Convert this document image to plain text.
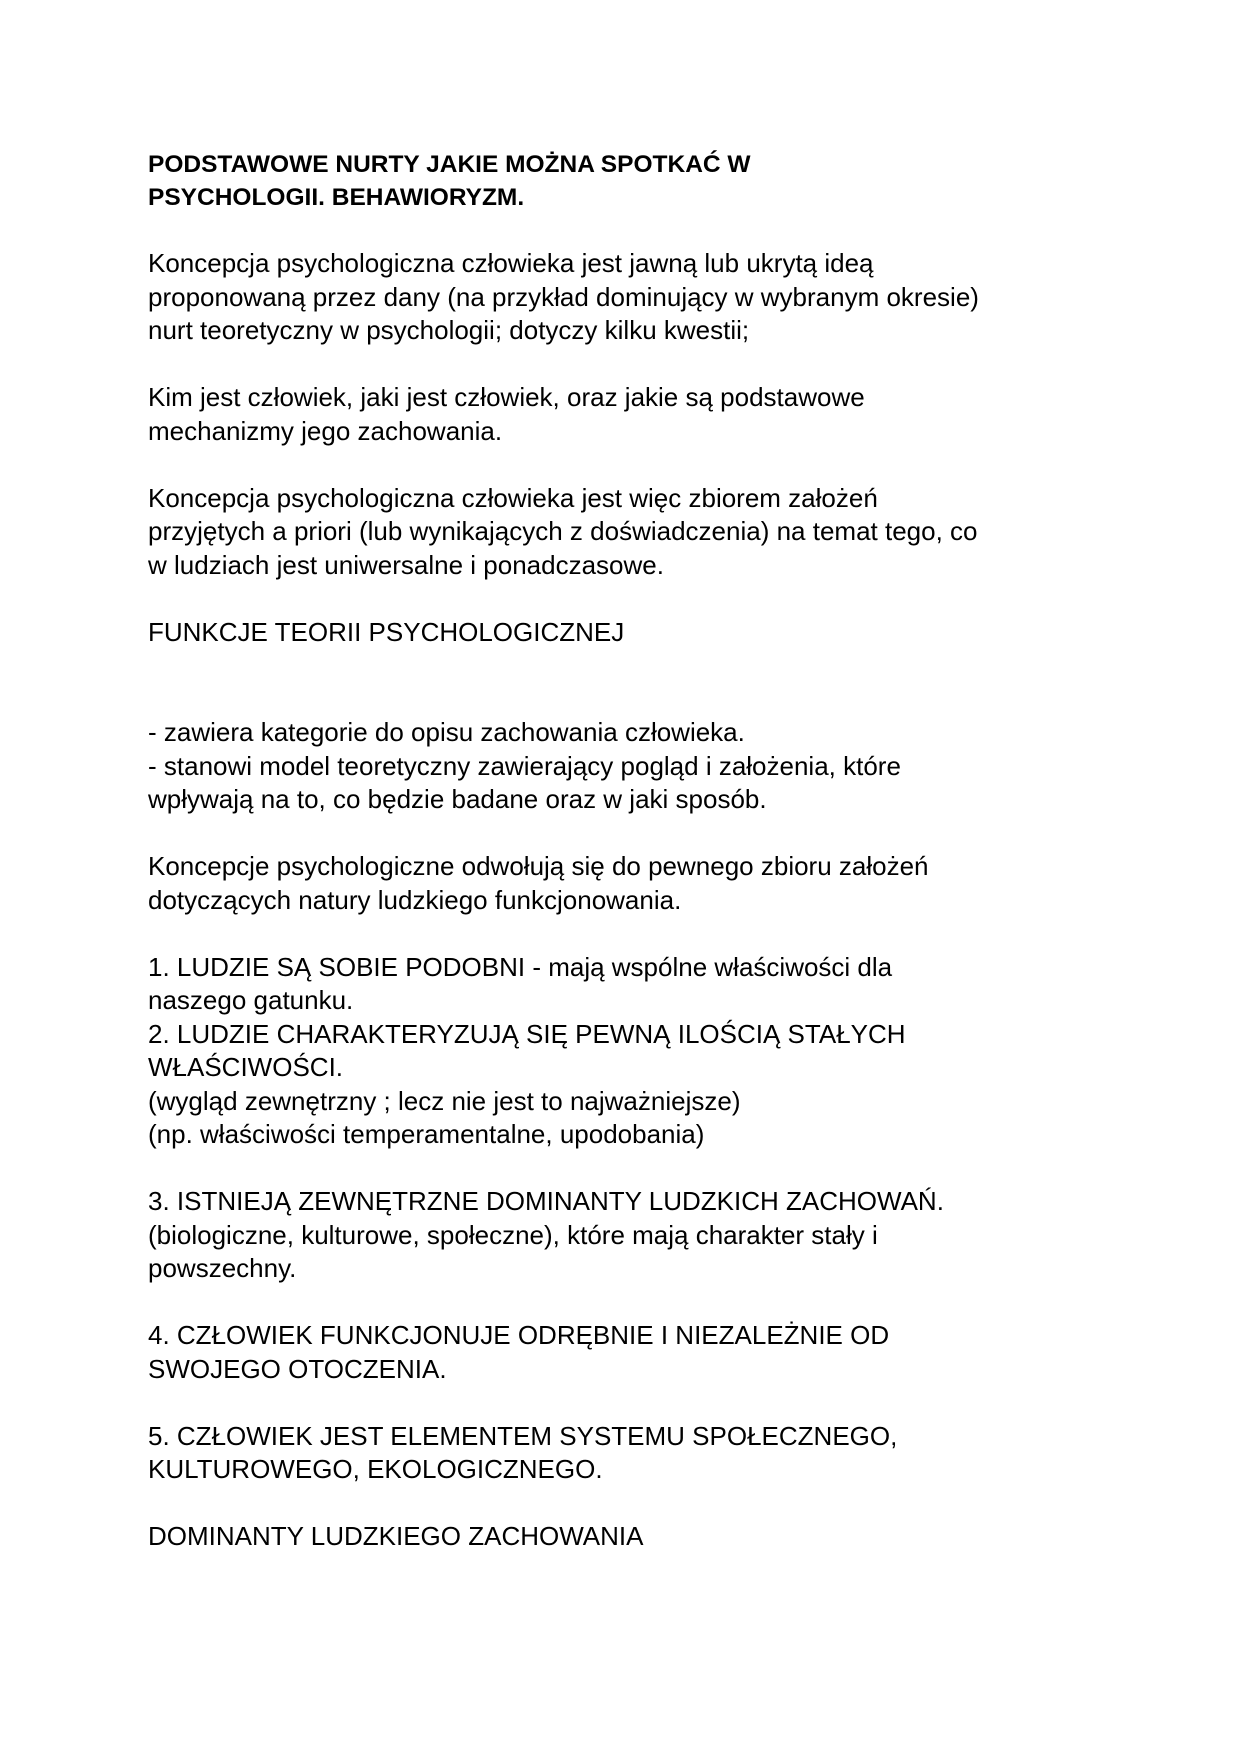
PODSTAWOWE NURTY JAKIE MOŻNA SPOTKAĆ W
PSYCHOLOGII. BEHAWIORYZM.

Koncepcja psychologiczna człowieka jest jawną lub ukrytą ideą

proponowaną przez dany (na przykład dominujący w wybranym okresie)

nurt teoretyczny w psychologii; dotyczy kilku kwestii;

Kim jest człowiek, jaki jest człowiek, oraz jakie są podstawowe

mechanizmy jego zachowania.

Koncepcja psychologiczna człowieka jest więc zbiorem założeń

przyjętych a priori (lub wynikających z doświadczenia) na temat tego, co

w ludziach jest uniwersalne i ponadczasowe.

FUNKCJE TEORII PSYCHOLOGICZNEJ

- zawiera kategorie do opisu zachowania człowieka.

- stanowi model teoretyczny zawierający pogląd i założenia, które

wpływają na to, co będzie badane oraz w jaki sposób.

Koncepcje psychologiczne odwołują się do pewnego zbioru założeń

dotyczących natury ludzkiego funkcjonowania.

1. LUDZIE SĄ SOBIE PODOBNI - mają wspólne właściwości dla

naszego gatunku.

2. LUDZIE CHARAKTERYZUJĄ SIĘ PEWNĄ ILOŚCIĄ STAŁYCH

WŁAŚCIWOŚCI.

(wygląd zewnętrzny ; lecz nie jest to najważniejsze)

(np. właściwości temperamentalne, upodobania)

3. ISTNIEJĄ ZEWNĘTRZNE DOMINANTY LUDZKICH ZACHOWAŃ.

(biologiczne, kulturowe, społeczne), które mają charakter stały i

powszechny.

4. CZŁOWIEK FUNKCJONUJE ODRĘBNIE I NIEZALEŻNIE OD

SWOJEGO OTOCZENIA.

5. CZŁOWIEK JEST ELEMENTEM SYSTEMU SPOŁECZNEGO,

KULTUROWEGO, EKOLOGICZNEGO.

DOMINANTY LUDZKIEGO ZACHOWANIA
